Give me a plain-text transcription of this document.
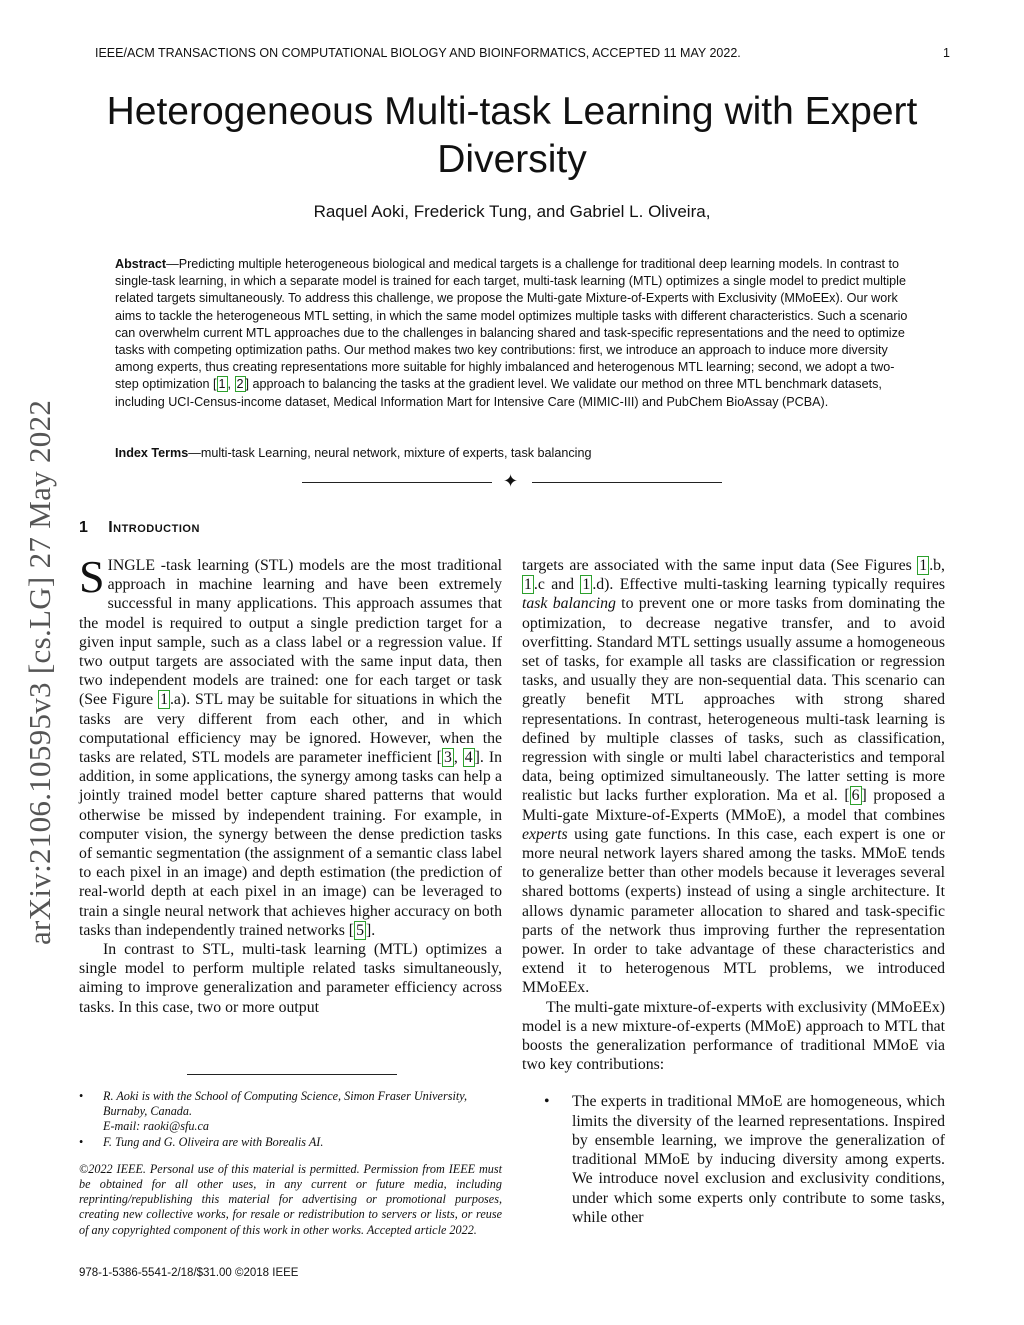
IEEE/ACM TRANSACTIONS ON COMPUTATIONAL BIOLOGY AND BIOINFORMATICS, ACCEPTED 11 MAY 2022.	1
Heterogeneous Multi-task Learning with Expert Diversity
Raquel Aoki, Frederick Tung, and Gabriel L. Oliveira,
Abstract—Predicting multiple heterogeneous biological and medical targets is a challenge for traditional deep learning models. In contrast to single-task learning, in which a separate model is trained for each target, multi-task learning (MTL) optimizes a single model to predict multiple related targets simultaneously. To address this challenge, we propose the Multi-gate Mixture-of-Experts with Exclusivity (MMoEEx). Our work aims to tackle the heterogeneous MTL setting, in which the same model optimizes multiple tasks with different characteristics. Such a scenario can overwhelm current MTL approaches due to the challenges in balancing shared and task-specific representations and the need to optimize tasks with competing optimization paths. Our method makes two key contributions: first, we introduce an approach to induce more diversity among experts, thus creating representations more suitable for highly imbalanced and heterogenous MTL learning; second, we adopt a two-step optimization [ 1 , 2 ] approach to balancing the tasks at the gradient level. We validate our method on three MTL benchmark datasets, including UCI-Census-income dataset, Medical Information Mart for Intensive Care (MIMIC-III) and PubChem BioAssay (PCBA).
Index Terms—multi-task Learning, neural network, mixture of experts, task balancing
✦
arXiv:2106.10595v3 [cs.LG] 27 May 2022 1 Introduction

SINGLE -task learning (STL) models are the most traditional approach in machine learning and have been extremely successful in many applications. This approach assumes that the model is required to output a single prediction target for a given input sample, such as a class label or a regression value. If two output targets are associated with the same input data, then two independent models are trained: one for each target or task (See Figure 1 .a). STL may be suitable for situations in which the tasks are very different from each other, and in which computational efficiency may be ignored. However, when the tasks are related, STL models are parameter inefficient [ 3 , 4 ]. In addition, in some applications, the synergy among tasks can help a jointly trained model better capture shared patterns that would otherwise be missed by independent training. For example, in computer vision, the synergy between the dense prediction tasks of semantic segmentation (the assignment of a semantic class label to each pixel in an image) and depth estimation (the prediction of real-world depth at each pixel in an image) can be leveraged to train a single neural network that achieves higher accuracy on both tasks than independently trained networks [ 5 ].

In contrast to STL, multi-task learning (MTL) optimizes a single model to perform multiple related tasks simultaneously, aiming to improve generalization and parameter efficiency across tasks. In this case, two or more output

targets are associated with the same input data (See Figures 1 .b, 1 .c and 1 .d). Effective multi-tasking learning typically requires task balancing to prevent one or more tasks from dominating the optimization, to decrease negative transfer, and to avoid overfitting. Standard MTL settings usually assume a homogeneous set of tasks, for example all tasks are classification or regression tasks, and usually they are non-sequential data. This scenario can greatly benefit MTL approaches with strong shared representations. In contrast, heterogeneous multi-task learning is defined by multiple classes of tasks, such as classification, regression with single or multi label characteristics and temporal data, being optimized simultaneously. The latter setting is more realistic but lacks further exploration. Ma et al. [ 6 ] proposed a Multi-gate Mixture-of-Experts (MMoE), a model that combines experts using gate functions. In this case, each expert is one or more neural network layers shared among the tasks. MMoE tends to generalize better than other models because it leverages several shared bottoms (experts) instead of using a single architecture. It allows dynamic parameter allocation to shared and task-specific parts of the network thus improving further the representation power. In order to take advantage of these characteristics and extend it to heterogenous MTL problems, we introduced MMoEEx.

The multi-gate mixture-of-experts with exclusivity (MMoEEx) model is a new mixture-of-experts (MMoE) approach to MTL that boosts the generalization performance of traditional MMoE via two key contributions:

• The experts in traditional MMoE are homogeneous, which limits the diversity of the learned representations. Inspired by ensemble learning, we improve the generalization of traditional MMoE by inducing diversity among experts. We introduce novel exclusion and exclusivity conditions, under which some experts only contribute to some tasks, while other
• R. Aoki is with the School of Computing Science, Simon Fraser University, Burnaby, Canada.
E-mail: raoki@sfu.ca
• F. Tung and G. Oliveira are with Borealis AI.
©2022 IEEE. Personal use of this material is permitted. Permission from IEEE must be obtained for all other uses, in any current or future media, including reprinting/republishing this material for advertising or promotional purposes, creating new collective works, for resale or redistribution to servers or lists, or reuse of any copyrighted component of this work in other works. Accepted article 2022.
978-1-5386-5541-2/18/$31.00 ©2018 IEEE
